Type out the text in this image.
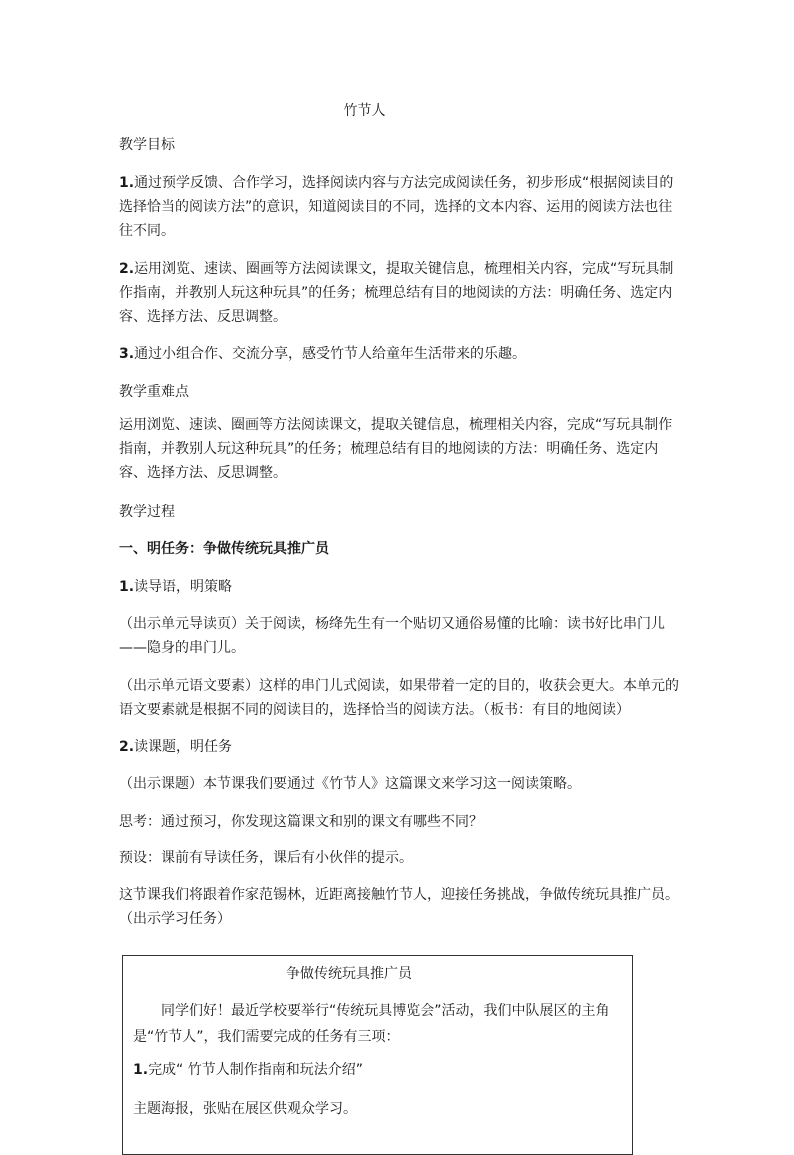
竹节人

教学目标

1.通过预学反馈、合作学习，选择阅读内容与方法完成阅读任务，初步形成“根据阅读目的选择恰当的阅读方法”的意识，知道阅读目的不同，选择的文本内容、运用的阅读方法也往往不同。

2.运用浏览、速读、圈画等方法阅读课文，提取关键信息，梳理相关内容，完成“写玩具制作指南，并教别人玩这种玩具”的任务；梳理总结有目的地阅读的方法：明确任务、选定内容、选择方法、反思调整。

3.通过小组合作、交流分享，感受竹节人给童年生活带来的乐趣。

教学重难点

运用浏览、速读、圈画等方法阅读课文，提取关键信息，梳理相关内容，完成“写玩具制作指南，并教别人玩这种玩具”的任务；梳理总结有目的地阅读的方法：明确任务、选定内容、选择方法、反思调整。

教学过程

一、明任务：争做传统玩具推广员

1.读导语，明策略

（出示单元导读页）关于阅读，杨绛先生有一个贴切又通俗易懂的比喻：读书好比串门儿——隐身的串门儿。

（出示单元语文要素）这样的串门儿式阅读，如果带着一定的目的，收获会更大。本单元的语文要素就是根据不同的阅读目的，选择恰当的阅读方法。（板书：有目的地阅读）

2.读课题，明任务

（出示课题）本节课我们要通过《竹节人》这篇课文来学习这一阅读策略。

思考：通过预习，你发现这篇课文和别的课文有哪些不同？

预设：课前有导读任务，课后有小伙伴的提示。

这节课我们将跟着作家范锡林，近距离接触竹节人，迎接任务挑战，争做传统玩具推广员。（出示学习任务）

争做传统玩具推广员

同学们好！最近学校要举行“传统玩具博览会”活动，我们中队展区的主角是“竹节人”，我们需要完成的任务有三项：

1.完成“ 竹节人制作指南和玩法介绍”

主题海报，张贴在展区供观众学习。
